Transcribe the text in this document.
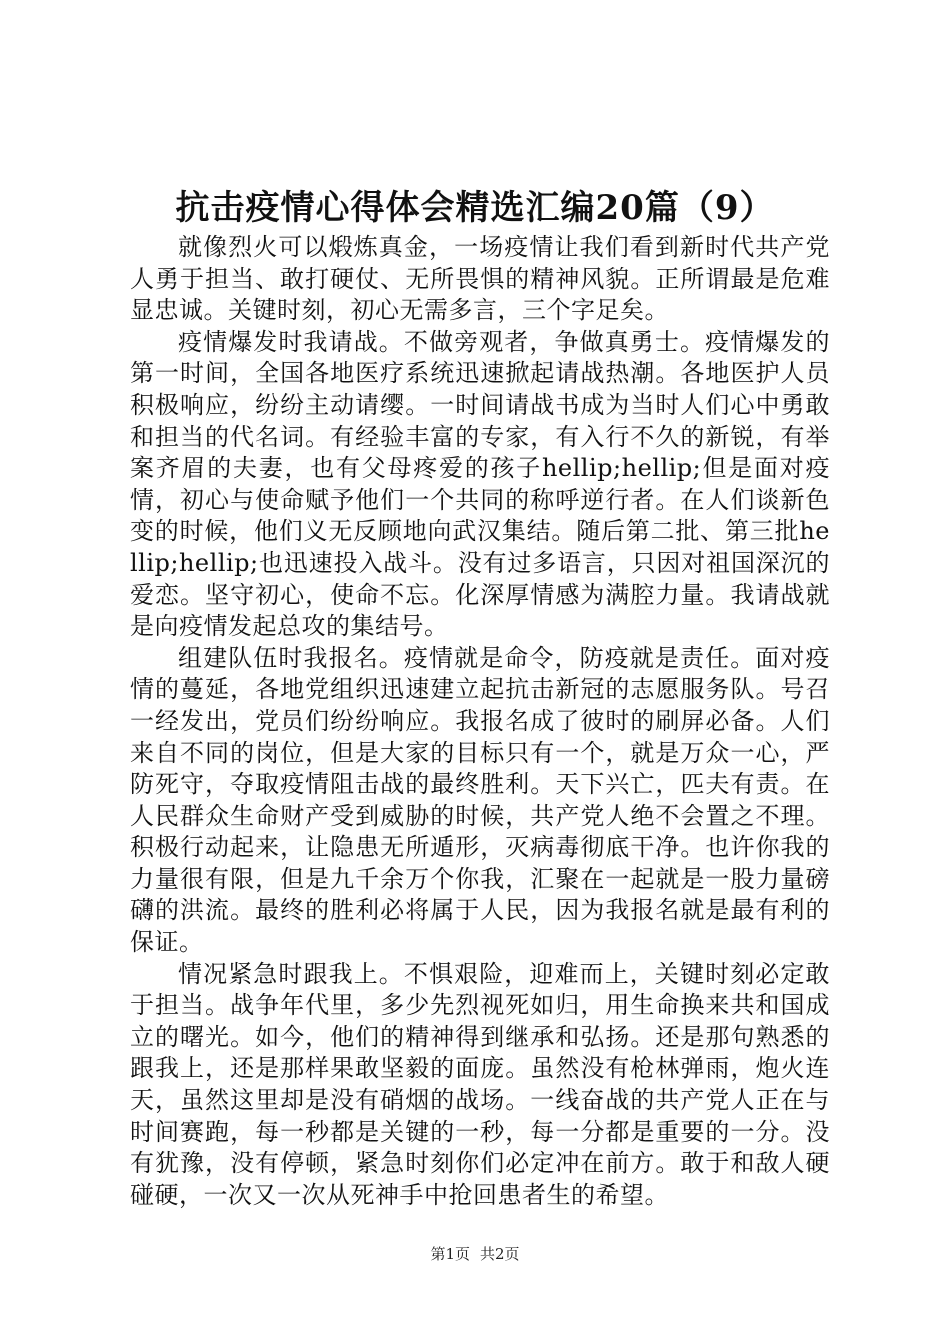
抗击疫情心得体会精选汇编20篇（9）

就像烈火可以煅炼真金，一场疫情让我们看到新时代共产党人勇于担当、敢打硬仗、无所畏惧的精神风貌。正所谓最是危难显忠诚。关键时刻，初心无需多言，三个字足矣。

疫情爆发时我请战。不做旁观者，争做真勇士。疫情爆发的第一时间，全国各地医疗系统迅速掀起请战热潮。各地医护人员积极响应，纷纷主动请缨。一时间请战书成为当时人们心中勇敢和担当的代名词。有经验丰富的专家，有入行不久的新锐，有举案齐眉的夫妻，也有父母疼爱的孩子hellip;hellip;但是面对疫情，初心与使命赋予他们一个共同的称呼逆行者。在人们谈新色变的时候，他们义无反顾地向武汉集结。随后第二批、第三批hellip;hellip;也迅速投入战斗。没有过多语言，只因对祖国深沉的爱恋。坚守初心，使命不忘。化深厚情感为满腔力量。我请战就是向疫情发起总攻的集结号。

组建队伍时我报名。疫情就是命令，防疫就是责任。面对疫情的蔓延，各地党组织迅速建立起抗击新冠的志愿服务队。号召一经发出，党员们纷纷响应。我报名成了彼时的刷屏必备。人们来自不同的岗位，但是大家的目标只有一个，就是万众一心，严防死守，夺取疫情阻击战的最终胜利。天下兴亡，匹夫有责。在人民群众生命财产受到威胁的时候，共产党人绝不会置之不理。积极行动起来，让隐患无所遁形，灭病毒彻底干净。也许你我的力量很有限，但是九千余万个你我，汇聚在一起就是一股力量磅礴的洪流。最终的胜利必将属于人民，因为我报名就是最有利的保证。

情况紧急时跟我上。不惧艰险，迎难而上，关键时刻必定敢于担当。战争年代里，多少先烈视死如归，用生命换来共和国成立的曙光。如今，他们的精神得到继承和弘扬。还是那句熟悉的跟我上，还是那样果敢坚毅的面庞。虽然没有枪林弹雨，炮火连天，虽然这里却是没有硝烟的战场。一线奋战的共产党人正在与时间赛跑，每一秒都是关键的一秒，每一分都是重要的一分。没有犹豫，没有停顿，紧急时刻你们必定冲在前方。敢于和敌人硬碰硬，一次又一次从死神手中抢回患者生的希望。

第1页 共2页
